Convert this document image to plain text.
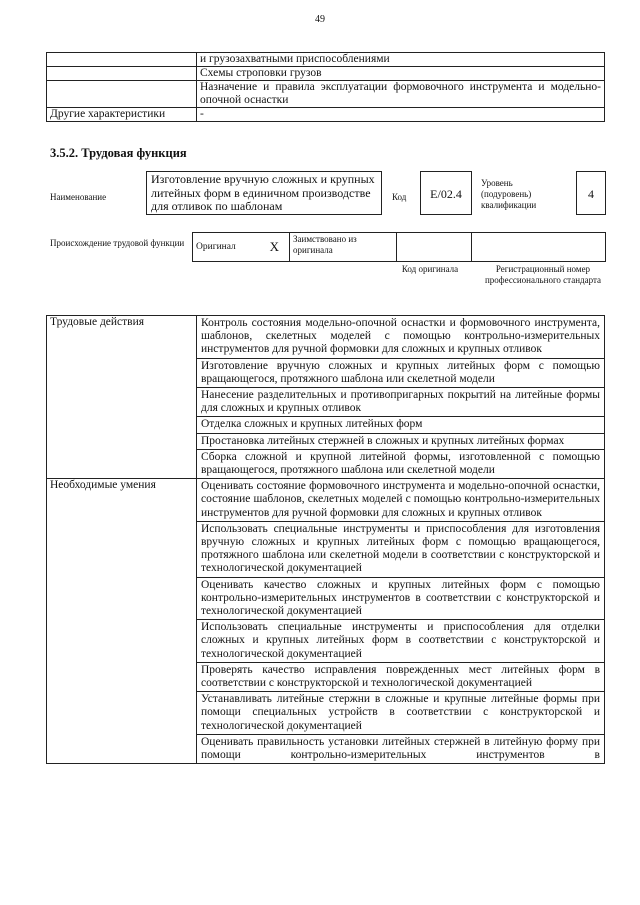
49
	и грузозахватными приспособлениями
	Схемы строповки грузов
	Назначение и правила эксплуатации формовочного инструмента и модельно-опочной оснастки
Другие характеристики	-
3.5.2. Трудовая функция
Наименование
Изготовление вручную сложных и крупных литейных форм в единичном производстве для отливок по шаблонам
Код	E/02.4
Уровень (подуровень) квалификации
4
Происхождение трудовой функции	Оригинал	X	Заимствовано из оригинала		
Код оригинала	Регистрационный номер профессионального стандарта
Трудовые действия	Контроль состояния модельно-опочной оснастки и формовочного инструмента, шаблонов, скелетных моделей с помощью контрольно-измерительных инструментов для ручной формовки для сложных и крупных отливок
	Изготовление вручную сложных и крупных литейных форм с помощью вращающегося, протяжного шаблона или скелетной модели
	Нанесение разделительных и противопригарных покрытий на литейные формы для сложных и крупных отливок
	Отделка сложных и крупных литейных форм
	Простановка литейных стержней в сложных и крупных литейных формах
	Сборка сложной и крупной литейной формы, изготовленной с помощью вращающегося, протяжного шаблона или скелетной модели
Необходимые умения	Оценивать состояние формовочного инструмента и модельно-опочной оснастки, состояние шаблонов, скелетных моделей с помощью контрольно-измерительных инструментов для ручной формовки для сложных и крупных отливок
	Использовать специальные инструменты и приспособления для изготовления вручную сложных и крупных литейных форм с помощью вращающегося, протяжного шаблона или скелетной модели в соответствии с конструкторской и технологической документацией
	Оценивать качество сложных и крупных литейных форм с помощью контрольно-измерительных инструментов в соответствии с конструкторской и технологической документацией
	Использовать специальные инструменты и приспособления для отделки сложных и крупных литейных форм в соответствии с конструкторской и технологической документацией
	Проверять качество исправления поврежденных мест литейных форм в соответствии с конструкторской и технологической документацией
	Устанавливать литейные стержни в сложные и крупные литейные формы при помощи специальных устройств в соответствии с конструкторской и технологической документацией
	Оценивать правильность установки литейных стержней в литейную форму при помощи контрольно-измерительных инструментов в
